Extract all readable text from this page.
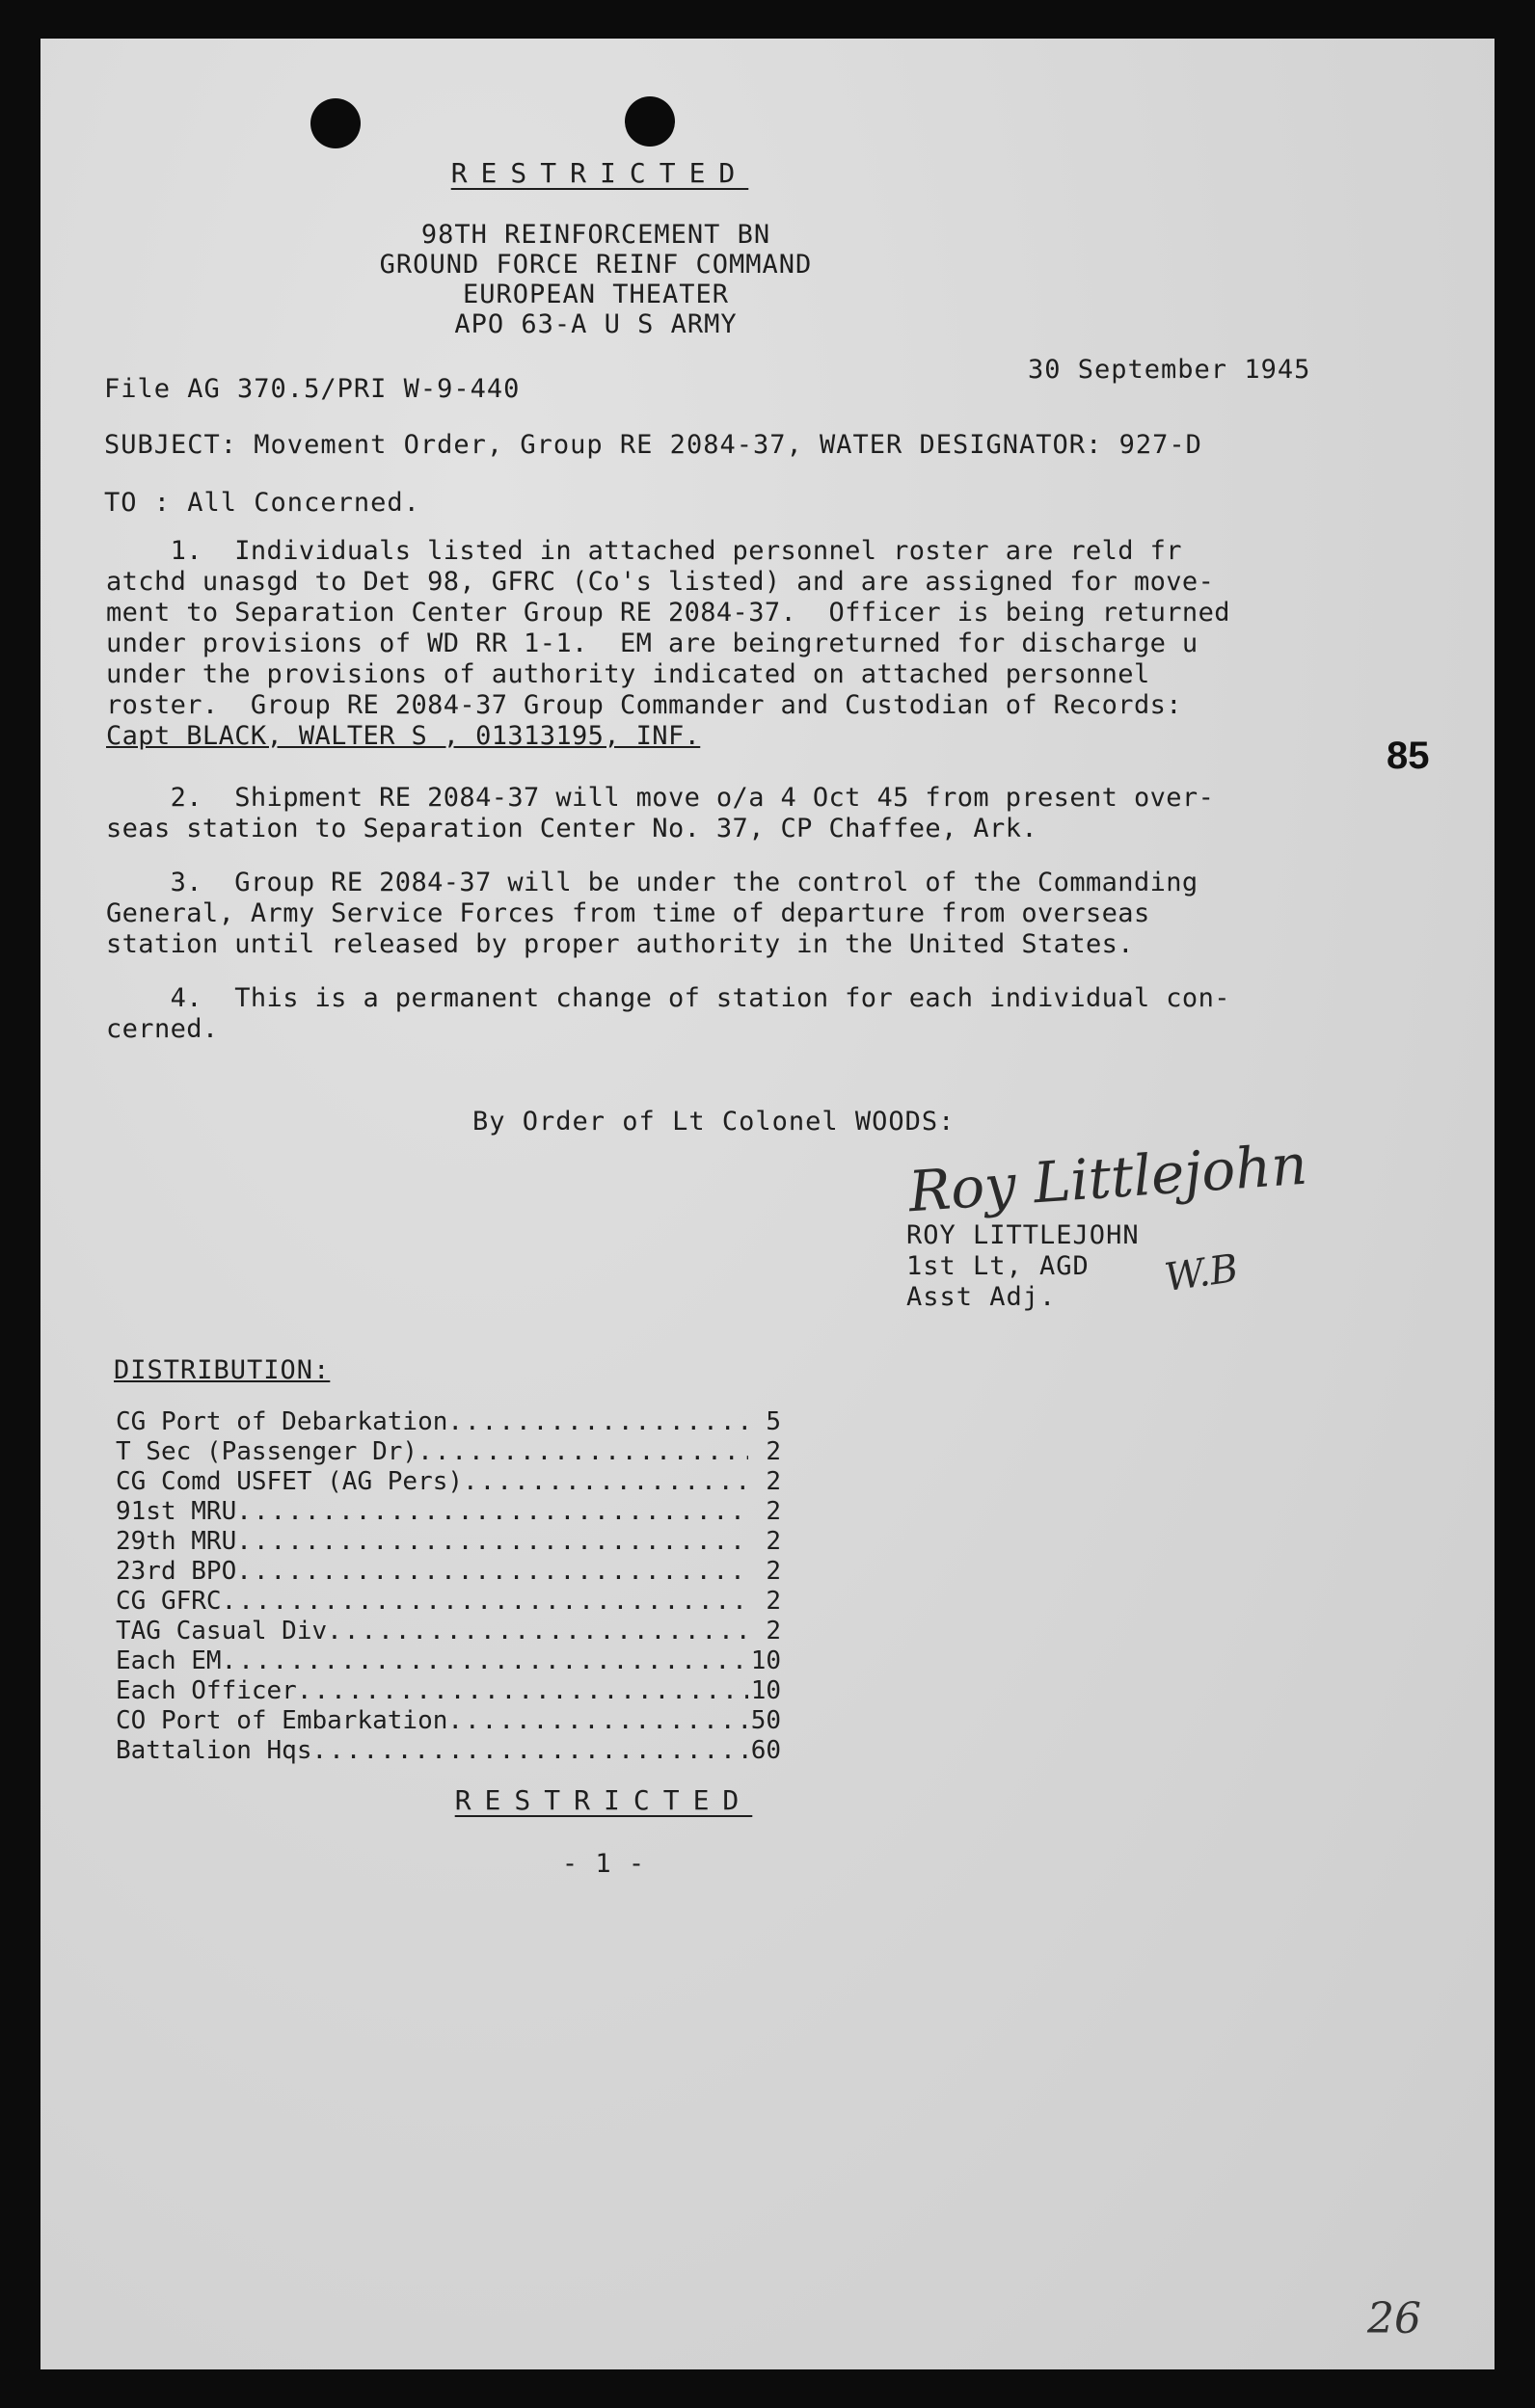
RESTRICTED
98TH REINFORCEMENT BN
GROUND FORCE REINF COMMAND
EUROPEAN THEATER
APO 63-A U S ARMY
File AG 370.5/PRI W-9-440
30 September 1945
SUBJECT: Movement Order, Group RE 2084-37, WATER DESIGNATOR: 927-D
TO : All Concerned.
1.  Individuals listed in attached personnel roster are reld fr
atchd unasgd to Det 98, GFRC (Co's listed) and are assigned for move-
ment to Separation Center Group RE 2084-37.  Officer is being returned
under provisions of WD RR 1-1.  EM are beingreturned for discharge u
under the provisions of authority indicated on attached personnel
roster.  Group RE 2084-37 Group Commander and Custodian of Records:
Capt BLACK, WALTER S , 01313195, INF.	85
2.  Shipment RE 2084-37 will move o/a 4 Oct 45 from present over-
seas station to Separation Center No. 37, CP Chaffee, Ark.
3.  Group RE 2084-37 will be under the control of the Commanding
General, Army Service Forces from time of departure from overseas
station until released by proper authority in the United States.
4.  This is a permanent change of station for each individual con-
cerned.
By Order of Lt Colonel WOODS:
Roy Littlejohn
ROY LITTLEJOHN
1st Lt, AGD
Asst Adj.	W.B
DISTRIBUTION:
CG Port of Debarkation .....	5
T Sec (Passenger Dr) .....	2
CG Comd USFET (AG Pers) .....	2
91st MRU .....	2
29th MRU .....	2
23rd BPO .....	2
CG GFRC .....	2
TAG Casual Div .....	2
Each EM .....	10
Each Officer .....	10
CO Port of Embarkation .....	50
Battalion Hqs .....	60
RESTRICTED
- 1 -
26
